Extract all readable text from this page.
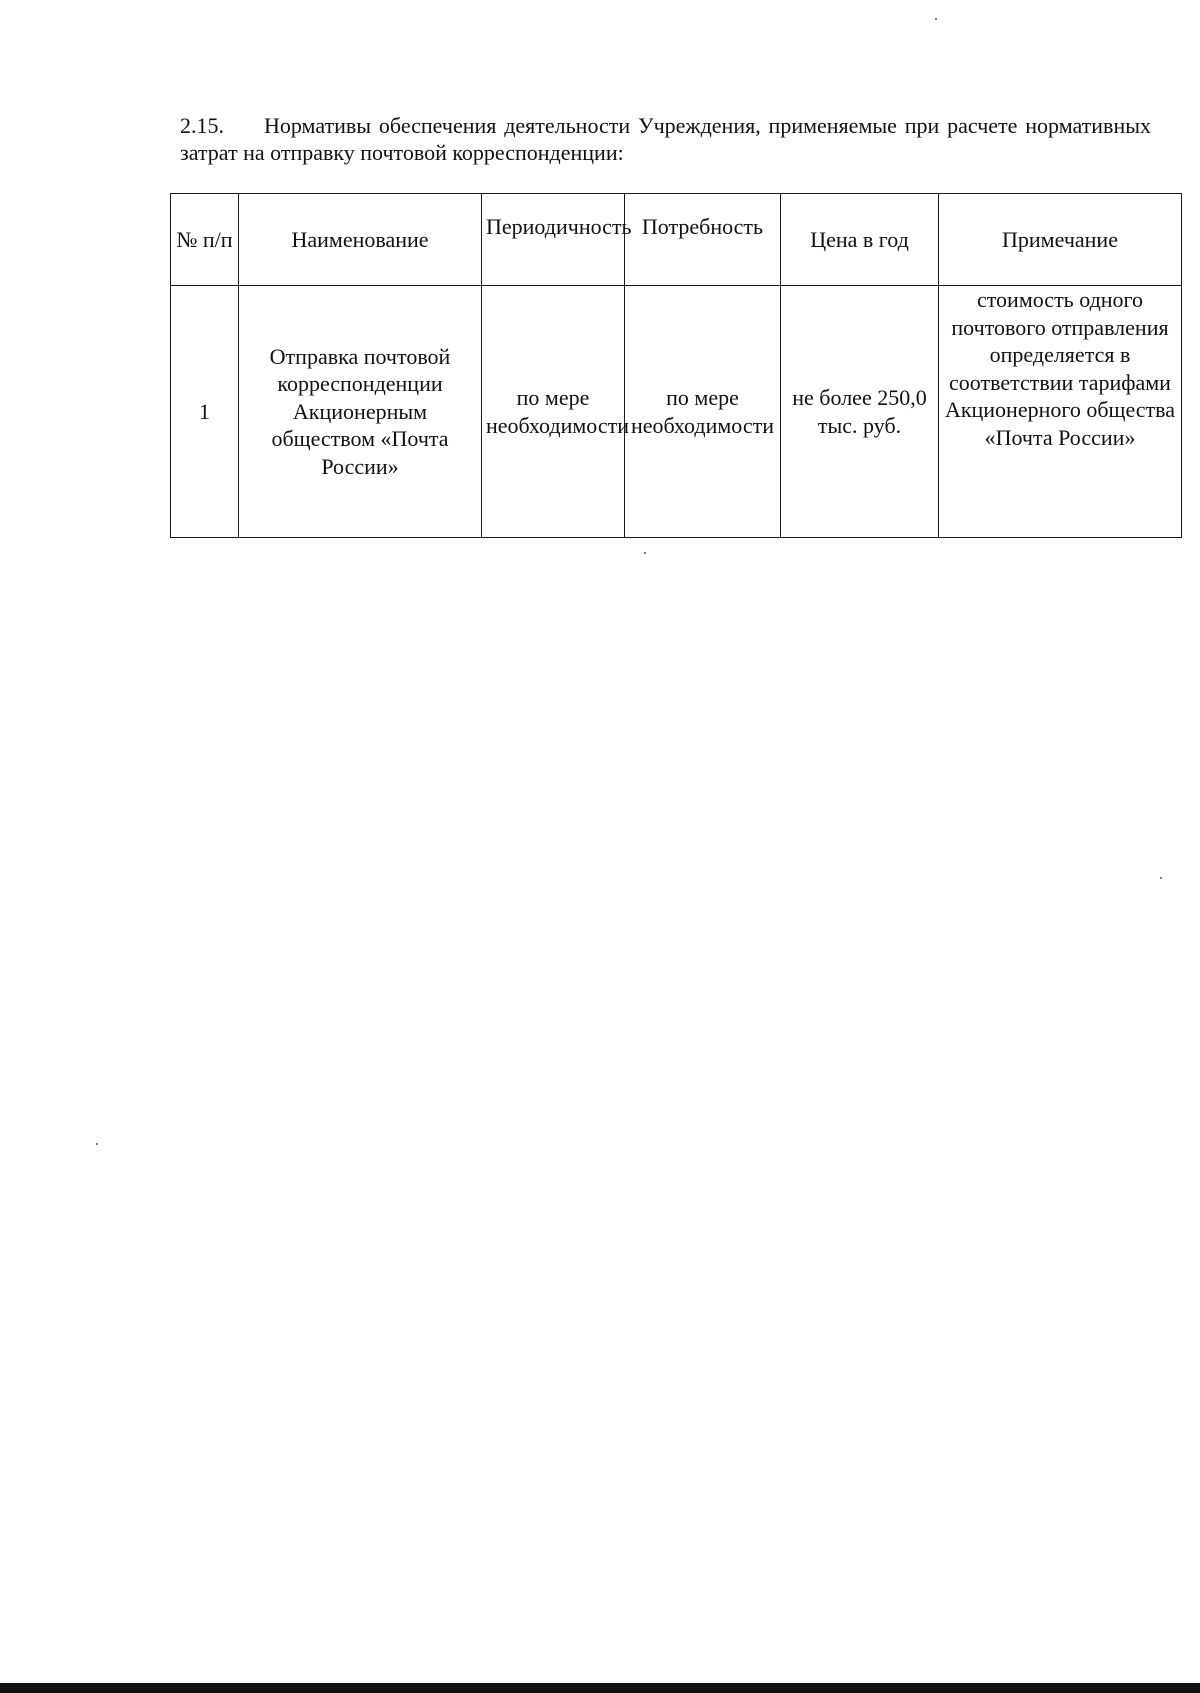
2.15. Нормативы обеспечения деятельности Учреждения, применяемые при расчете нормативных затрат на отправку почтовой корреспонденции:

№ п/п	Наименование	Периодичность	Потребность	Цена в год	Примечание
1	Отправка почтовой корреспонденции Акционерным обществом «Почта России»	по мере необходимости	по мере необходимости	не более 250,0 тыс. руб.	стоимость одного почтового отправления определяется в соответствии тарифами Акционерного общества «Почта России»
